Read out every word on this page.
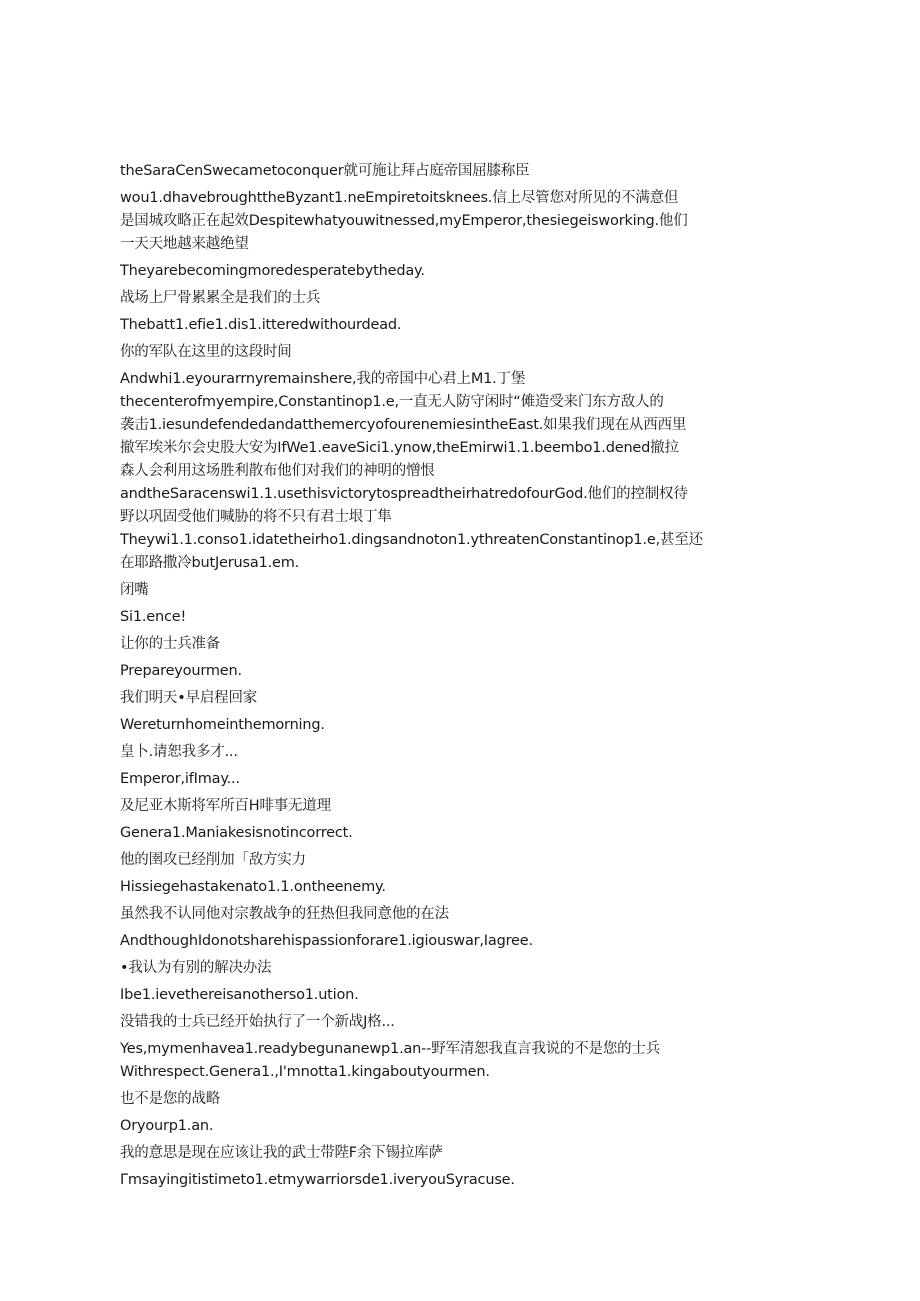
theSaraCenSwecametoconquer就可施让拜占庭帝国屈膝称臣
wou1.dhavebroughttheByzant1.neEmpiretoitsknees.信上尽管您对所见的不满意但
是国城攻略正在起效Despitewhatyouwitnessed,myEmperor,thesiegeisworking.他们
一天天地越来越绝望
Theyarebecomingmoredesperatebytheday.
战场上尸骨累累全是我们的士兵
Thebatt1.efie1.dis1.itteredwithourdead.
你的军队在这里的这段时间
Andwhi1.eyourarrnyremainshere,我的帝国中心君上M1.丁堡
thecenterofmyempire,Constantinop1.e,一直无人防守闲时“傩造受来门东方敌人的
袭击1.iesundefendedandatthemercyofourenemiesintheEast.如果我们现在从西西里
撤军埃米尔会史股大安为IfWe1.eaveSici1.ynow,theEmirwi1.1.beembo1.dened撤拉
森人会利用这场胜利散布他们对我们的神明的憎恨
andtheSaracenswi1.1.usethisvictorytospreadtheirhatredofourGod.他们的控制权待
野以巩固受他们喊胁的将不只有君士垠丁隼
Theywi1.1.conso1.idatetheirho1.dingsandnoton1.ythreatenConstantinop1.e,甚至还
在耶路撒冷butJerusa1.em.
闭嘴
Si1.ence!
让你的士兵准备
Prepareyourmen.
我们明天•早启程回家
Wereturnhomeinthemorning.
皇卜.请恕我多才...
Emperor,ifImay...
及尼亚木斯将军所百H啡事无道理
Genera1.Maniakesisnotincorrect.
他的圉攻已经削加「敌方实力
Hissiegehastakenato1.1.ontheenemy.
虽然我不认同他对宗教战争的狂热但我同意他的在法
AndthoughIdonotsharehispassionforare1.igiouswar,Iagree.
•我认为有别的解决办法
Ibe1.ievethereisanotherso1.ution.
没错我的士兵已经开始执行了一个新战J格...
Yes,mymenhavea1.readybegunanewp1.an--野军清恕我直言我说的不是您的士兵
Withrespect.Genera1.,I'mnotta1.kingaboutyourmen.
也不是您的战略
Oryourp1.an.
我的意思是现在应该让我的武士带陛F余下锡拉库萨
Γmsayingitistimeto1.etmywarriorsde1.iveryouSyracuse.
